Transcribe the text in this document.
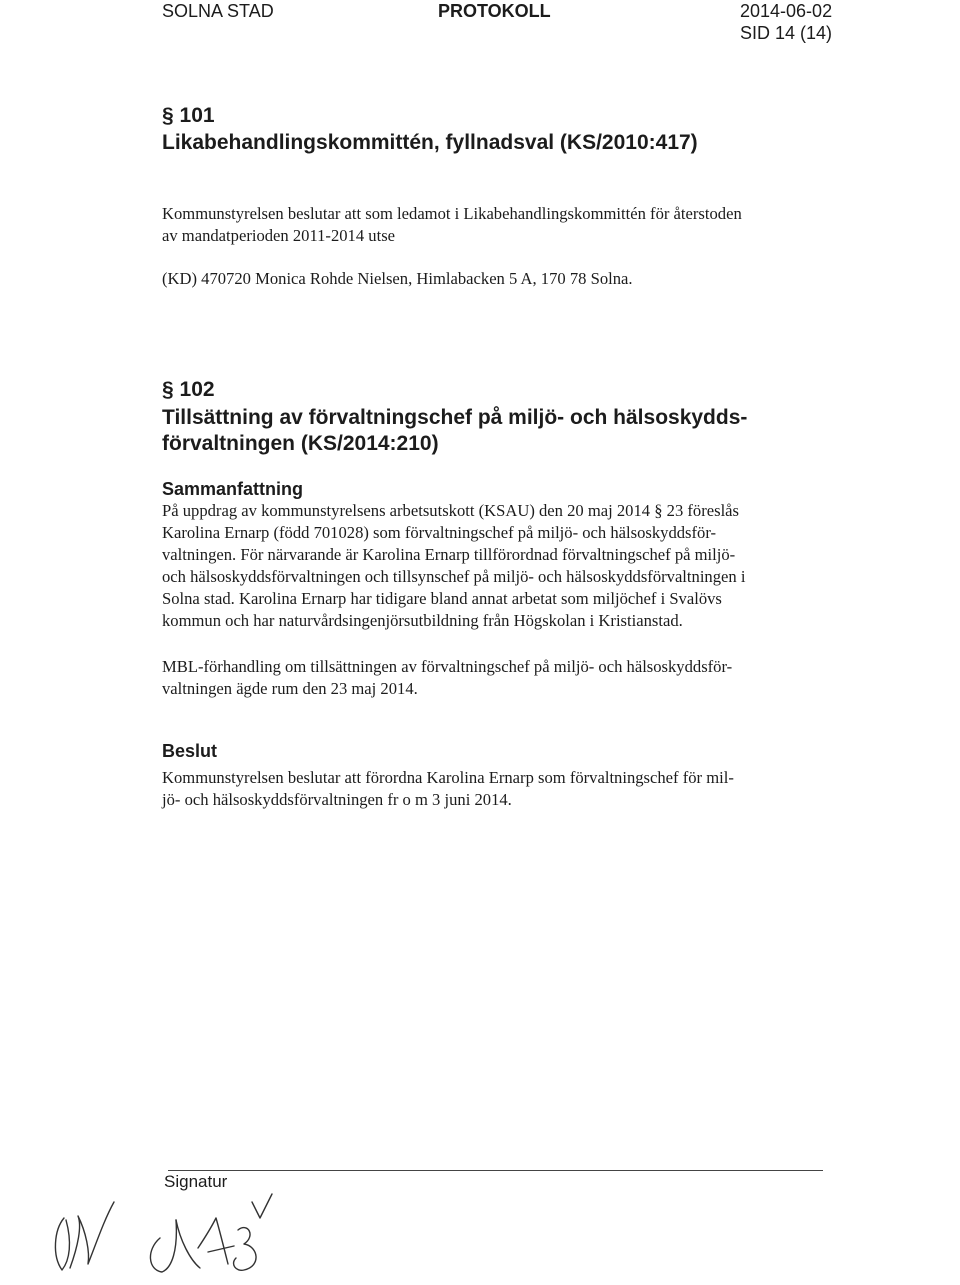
SOLNA STAD	PROTOKOLL	2014-06-02
SID 14 (14)
§ 101
Likabehandlingskommittén, fyllnadsval (KS/2010:417)

Kommunstyrelsen beslutar att som ledamot i Likabehandlingskommittén för återstoden
av mandatperioden 2011-2014 utse

(KD) 470720 Monica Rohde Nielsen, Himlabacken 5 A, 170 78 Solna.

§ 102
Tillsättning av förvaltningschef på miljö- och hälsoskydds-
förvaltningen (KS/2014:210)
Sammanfattning

På uppdrag av kommunstyrelsens arbetsutskott (KSAU) den 20 maj 2014 § 23 föreslås
Karolina Ernarp (född 701028) som förvaltningschef på miljö- och hälsoskyddsför-
valtningen. För närvarande är Karolina Ernarp tillförordnad förvaltningschef på miljö-
och hälsoskyddsförvaltningen och tillsynschef på miljö- och hälsoskyddsförvaltningen i
Solna stad. Karolina Ernarp har tidigare bland annat arbetat som miljöchef i Svalövs
kommun och har naturvårdsingenjörsutbildning från Högskolan i Kristianstad.

MBL-förhandling om tillsättningen av förvaltningschef på miljö- och hälsoskyddsför-
valtningen ägde rum den 23 maj 2014.

Beslut

Kommunstyrelsen beslutar att förordna Karolina Ernarp som förvaltningschef för mil-
jö- och hälsoskyddsförvaltningen fr o m 3 juni 2014.

Signatur
